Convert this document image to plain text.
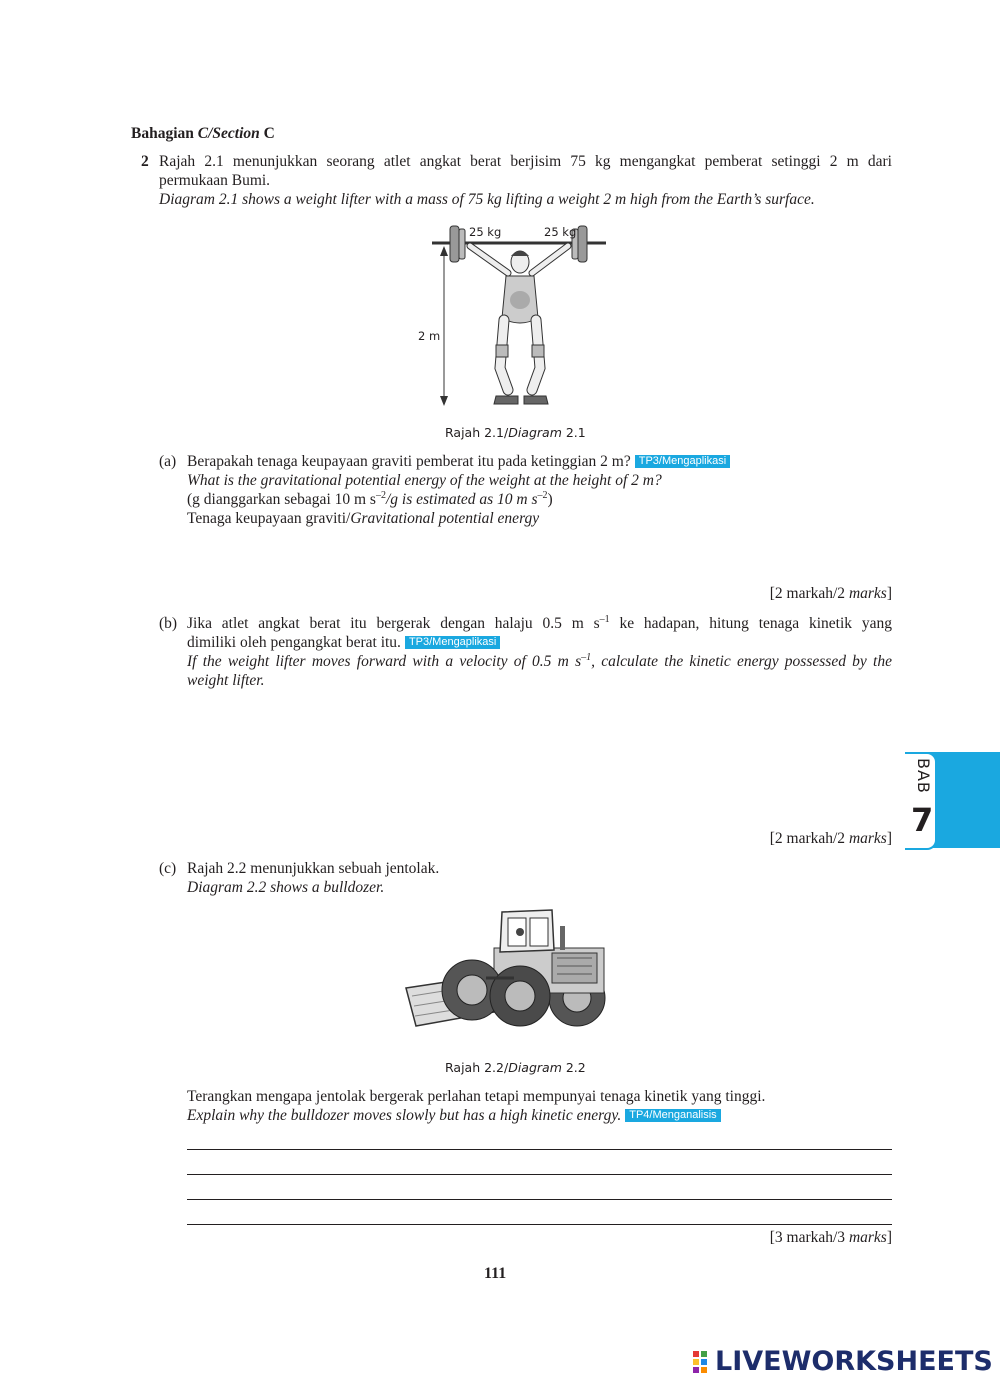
Bahagian C/Section C
2 Rajah 2.1 menunjukkan seorang atlet angkat berat berjisim 75 kg mengangkat pemberat setinggi 2 m dari
permukaan Bumi.
Diagram 2.1 shows a weight lifter with a mass of 75 kg lifting a weight 2 m high from the Earth’s surface.
25 kg	25 kg
2 m
Rajah 2.1/Diagram 2.1
(a) Berapakah tenaga keupayaan graviti pemberat itu pada ketinggian 2 m? TP3/Mengaplikasi
What is the gravitational potential energy of the weight at the height of 2 m?
(g dianggarkan sebagai 10 m $s^{-2}/g$ is estimated as 10 m $s^{-2}$)
Tenaga keupayaan graviti/Gravitational potential energy
[2 markah/2 marks]
(b) Jika atlet angkat berat itu bergerak dengan halaju 0.5 m $s^{-1}$ ke hadapan, hitung tenaga kinetik yang
dimiliki oleh pengangkat berat itu. TP3/Mengaplikasi
If the weight lifter moves forward with a velocity of 0.5 m $s^{-1}$, calculate the kinetic energy possessed by the
weight lifter.
[2 markah/2 marks]
BAB
7
(c) Rajah 2.2 menunjukkan sebuah jentolak.
Diagram 2.2 shows a bulldozer.
Rajah 2.2/Diagram 2.2
Terangkan mengapa jentolak bergerak perlahan tetapi mempunyai tenaga kinetik yang tinggi.
Explain why the bulldozer moves slowly but has a high kinetic energy. TP4/Menganalisis
[3 markah/3 marks]
111
LIVEWORKSHEETS
